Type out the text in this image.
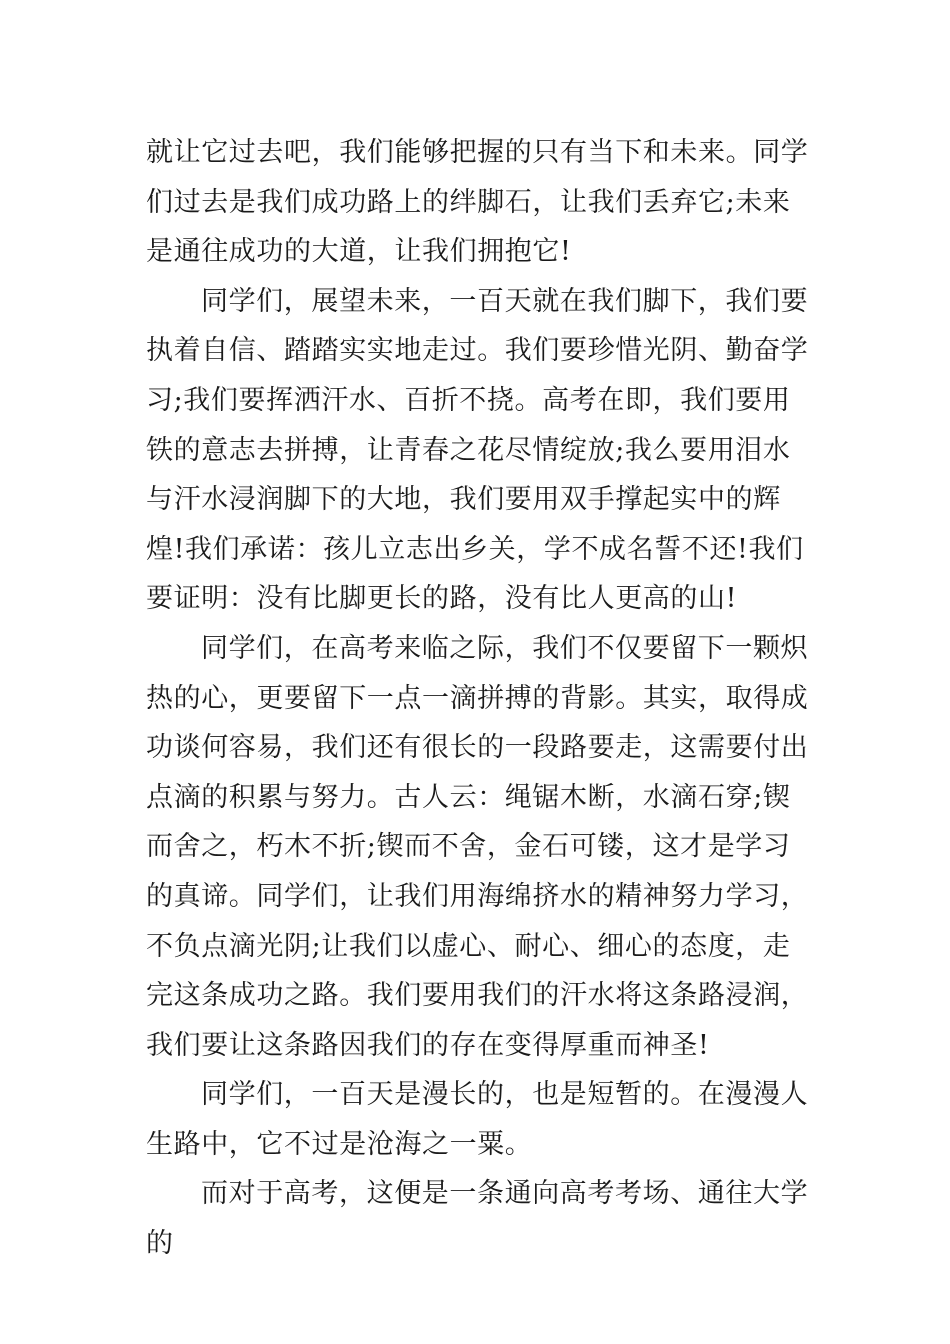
就让它过去吧，我们能够把握的只有当下和未来。同学们过去是我们成功路上的绊脚石，让我们丢弃它;未来是通往成功的大道，让我们拥抱它!

同学们，展望未来，一百天就在我们脚下，我们要执着自信、踏踏实实地走过。我们要珍惜光阴、勤奋学习;我们要挥洒汗水、百折不挠。高考在即，我们要用铁的意志去拼搏，让青春之花尽情绽放;我么要用泪水与汗水浸润脚下的大地，我们要用双手撑起实中的辉煌!我们承诺：孩儿立志出乡关，学不成名誓不还!我们要证明：没有比脚更长的路，没有比人更高的山!

同学们，在高考来临之际，我们不仅要留下一颗炽热的心，更要留下一点一滴拼搏的背影。其实，取得成功谈何容易，我们还有很长的一段路要走，这需要付出点滴的积累与努力。古人云：绳锯木断，水滴石穿;锲而舍之，朽木不折;锲而不舍，金石可镂，这才是学习的真谛。同学们，让我们用海绵挤水的精神努力学习，不负点滴光阴;让我们以虚心、耐心、细心的态度，走完这条成功之路。我们要用我们的汗水将这条路浸润，我们要让这条路因我们的存在变得厚重而神圣!

同学们，一百天是漫长的，也是短暂的。在漫漫人生路中，它不过是沧海之一粟。

而对于高考，这便是一条通向高考考场、通往大学的
